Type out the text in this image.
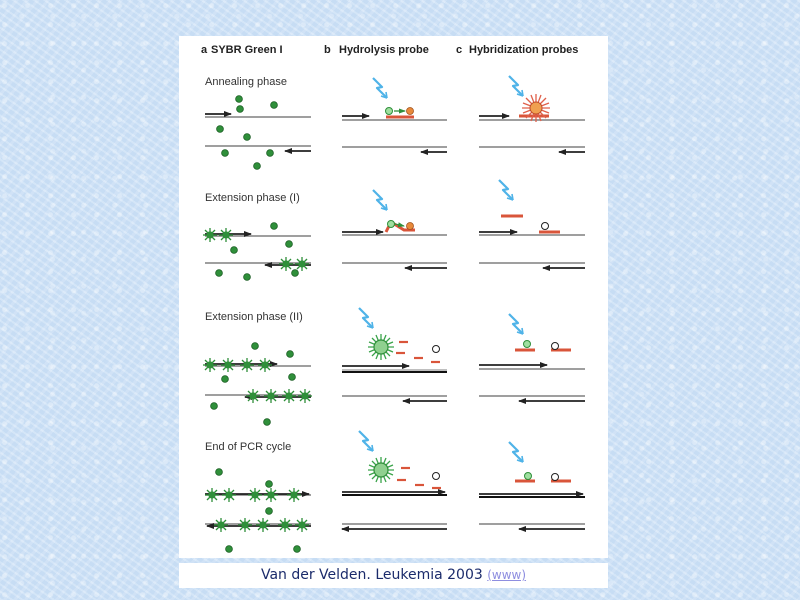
a SYBR Green I	b Hydrolysis probe c Hybridization probes
Annealing phase
Extension phase (I)
Extension phase (II)
End of PCR cycle
Van der Velden. Leukemia 2003 (www)
